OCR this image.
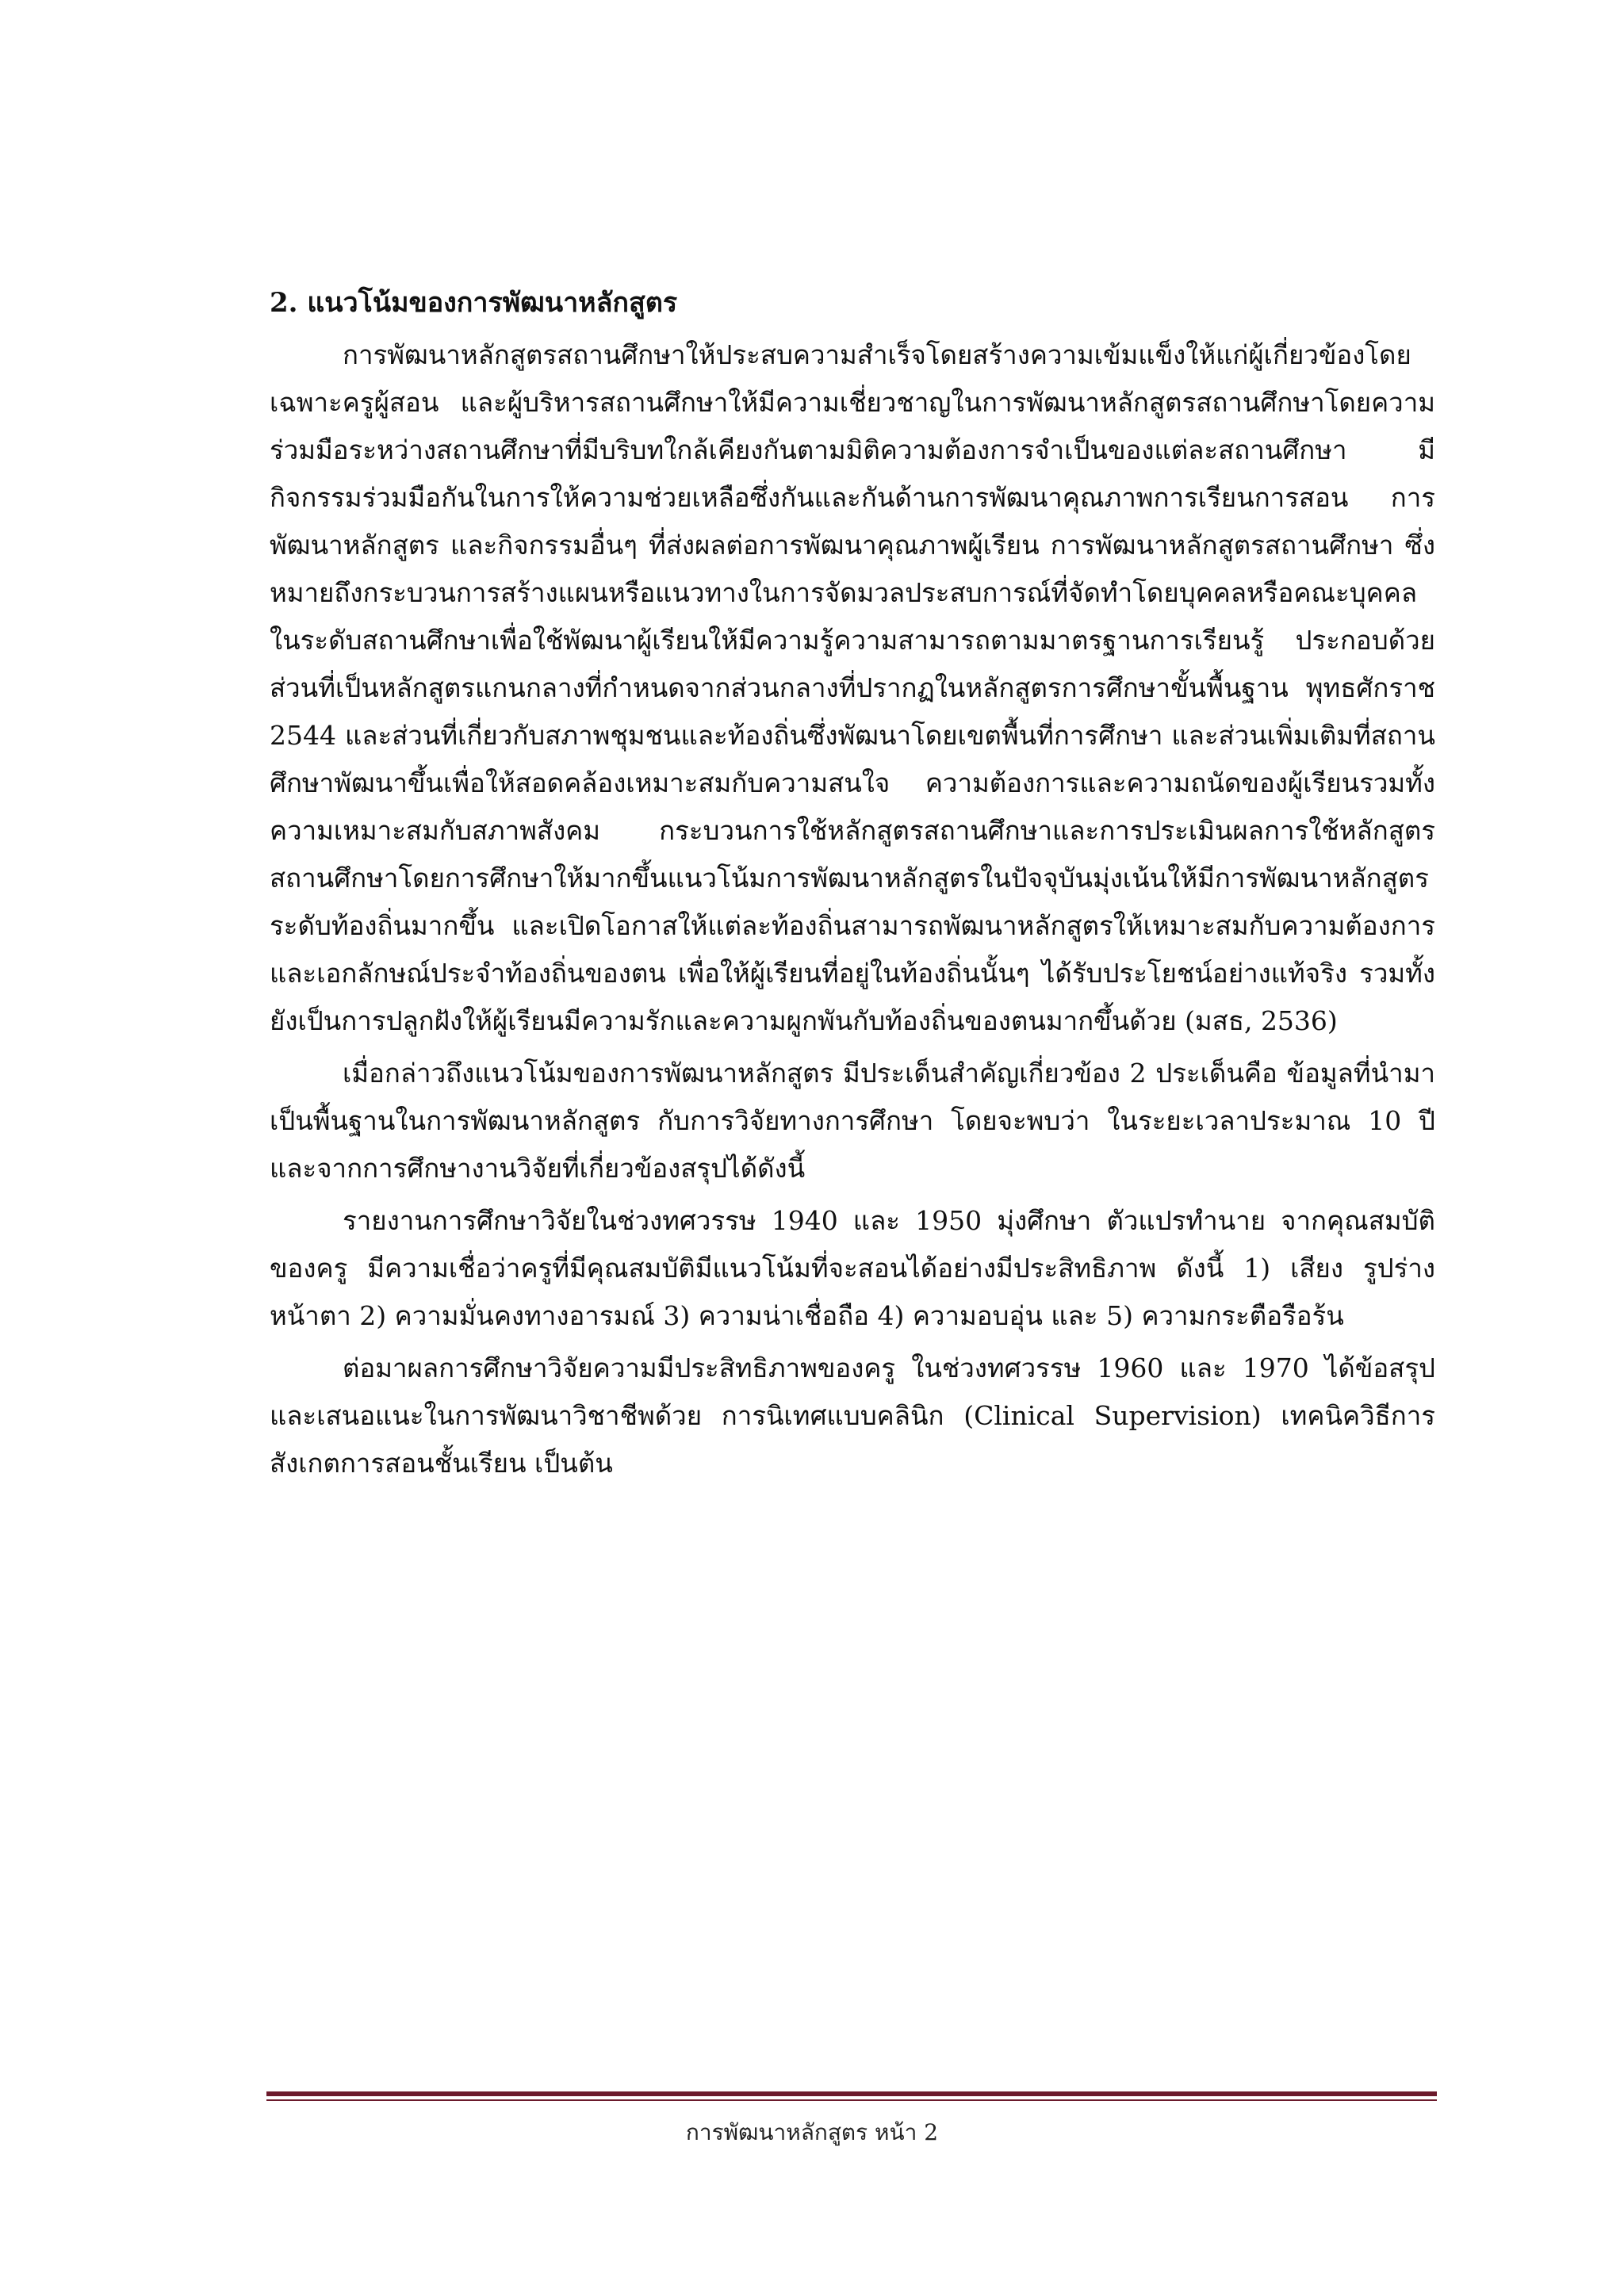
2. แนวโน้มของการพัฒนาหลักสูตร

การพัฒนาหลักสูตรสถานศึกษาให้ประสบความสำเร็จโดยสร้างความเข้มแข็งให้แก่ผู้เกี่ยวข้องโดยเฉพาะครูผู้สอน และผู้บริหารสถานศึกษาให้มีความเชี่ยวชาญในการพัฒนาหลักสูตรสถานศึกษาโดยความร่วมมือระหว่างสถานศึกษาที่มีบริบทใกล้เคียงกันตามมิติความต้องการจำเป็นของแต่ละสถานศึกษา มีกิจกรรมร่วมมือกันในการให้ความช่วยเหลือซึ่งกันและกันด้านการพัฒนาคุณภาพการเรียนการสอน การพัฒนาหลักสูตร และกิจกรรมอื่นๆ ที่ส่งผลต่อการพัฒนาคุณภาพผู้เรียน การพัฒนาหลักสูตรสถานศึกษา ซึ่งหมายถึงกระบวนการสร้างแผนหรือแนวทางในการจัดมวลประสบการณ์ที่จัดทำโดยบุคคลหรือคณะบุคคลในระดับสถานศึกษาเพื่อใช้พัฒนาผู้เรียนให้มีความรู้ความสามารถตามมาตรฐานการเรียนรู้ ประกอบด้วย ส่วนที่เป็นหลักสูตรแกนกลางที่กำหนดจากส่วนกลางที่ปรากฏในหลักสูตรการศึกษาขั้นพื้นฐาน พุทธศักราช 2544 และส่วนที่เกี่ยวกับสภาพชุมชนและท้องถิ่นซึ่งพัฒนาโดยเขตพื้นที่การศึกษา และส่วนเพิ่มเติมที่สถานศึกษาพัฒนาขึ้นเพื่อให้สอดคล้องเหมาะสมกับความสนใจ ความต้องการและความถนัดของผู้เรียนรวมทั้งความเหมาะสมกับสภาพสังคม กระบวนการใช้หลักสูตรสถานศึกษาและการประเมินผลการใช้หลักสูตรสถานศึกษาโดยการศึกษาให้มากขึ้นแนวโน้มการพัฒนาหลักสูตรในปัจจุบันมุ่งเน้นให้มีการพัฒนาหลักสูตรระดับท้องถิ่นมากขึ้น และเปิดโอกาสให้แต่ละท้องถิ่นสามารถพัฒนาหลักสูตรให้เหมาะสมกับความต้องการและเอกลักษณ์ประจำท้องถิ่นของตน เพื่อให้ผู้เรียนที่อยู่ในท้องถิ่นนั้นๆ ได้รับประโยชน์อย่างแท้จริง รวมทั้งยังเป็นการปลูกฝังให้ผู้เรียนมีความรักและความผูกพันกับท้องถิ่นของตนมากขึ้นด้วย (มสธ, 2536)

เมื่อกล่าวถึงแนวโน้มของการพัฒนาหลักสูตร มีประเด็นสำคัญเกี่ยวข้อง 2 ประเด็นคือ ข้อมูลที่นำมาเป็นพื้นฐานในการพัฒนาหลักสูตร กับการวิจัยทางการศึกษา โดยจะพบว่า ในระยะเวลาประมาณ 10 ปี และจากการศึกษางานวิจัยที่เกี่ยวข้องสรุปได้ดังนี้

รายงานการศึกษาวิจัยในช่วงทศวรรษ 1940 และ 1950 มุ่งศึกษา ตัวแปรทำนาย จากคุณสมบัติของครู มีความเชื่อว่าครูที่มีคุณสมบัติมีแนวโน้มที่จะสอนได้อย่างมีประสิทธิภาพ ดังนี้ 1) เสียง รูปร่างหน้าตา 2) ความมั่นคงทางอารมณ์ 3) ความน่าเชื่อถือ 4) ความอบอุ่น และ 5) ความกระตือรือร้น

ต่อมาผลการศึกษาวิจัยความมีประสิทธิภาพของครู ในช่วงทศวรรษ 1960 และ 1970 ได้ข้อสรุปและเสนอแนะในการพัฒนาวิชาชีพด้วย การนิเทศแบบคลินิก (Clinical Supervision) เทคนิควิธีการสังเกตการสอนชั้นเรียน เป็นต้น

การพัฒนาหลักสูตร หน้า 2
